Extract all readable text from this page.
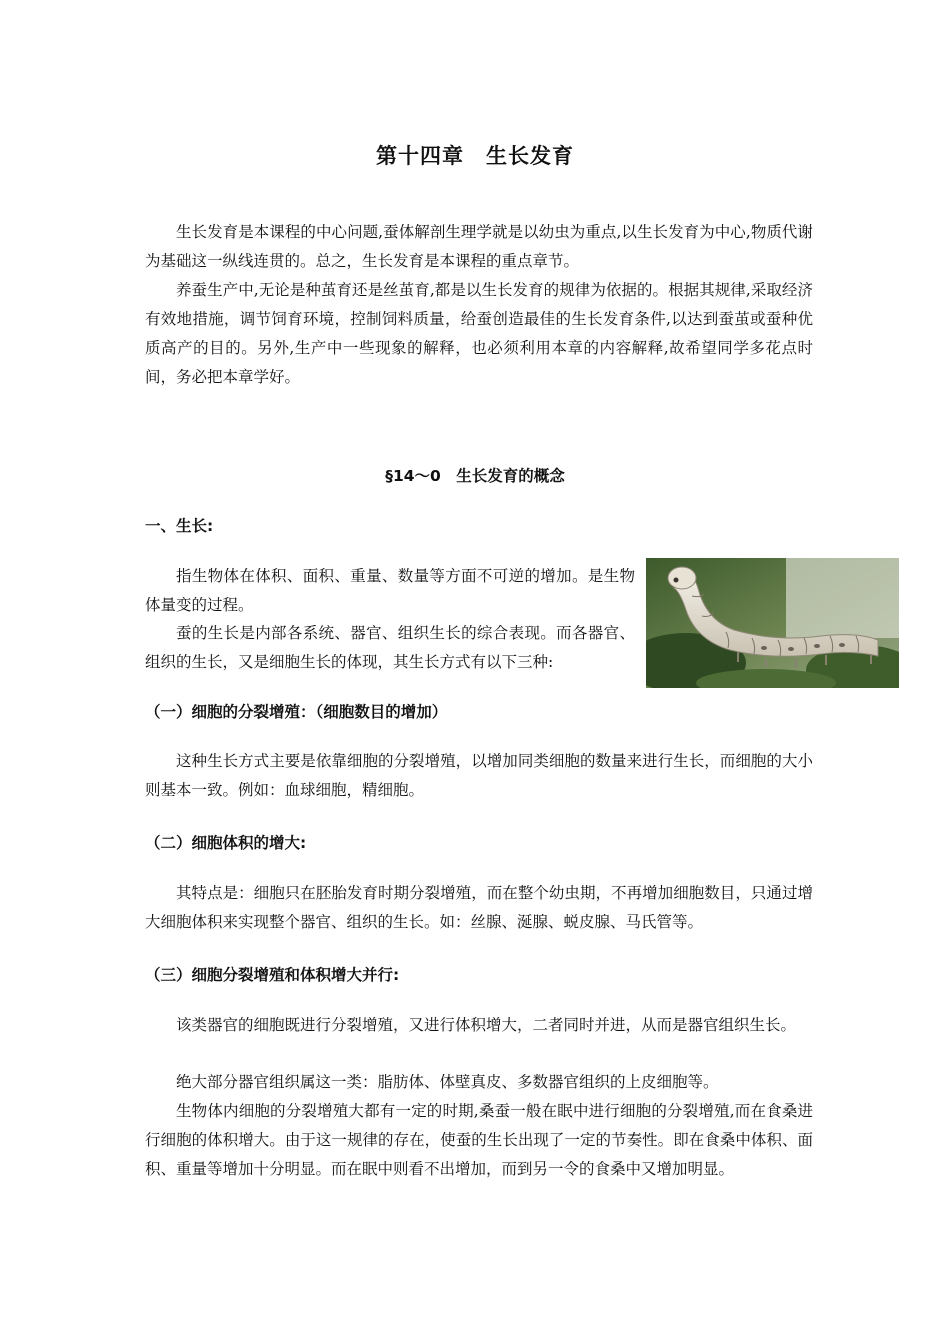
第十四章　生长发育

生长发育是本课程的中心问题,蚕体解剖生理学就是以幼虫为重点,以生长发育为中心,物质代谢为基础这一纵线连贯的。总之，生长发育是本课程的重点章节。

养蚕生产中,无论是种茧育还是丝茧育,都是以生长发育的规律为依据的。根据其规律,采取经济有效地措施，调节饲育环境，控制饲料质量，给蚕创造最佳的生长发育条件,以达到蚕茧或蚕种优质高产的目的。另外,生产中一些现象的解释，也必须利用本章的内容解释,故希望同学多花点时间，务必把本章学好。

§14～0　生长发育的概念
一、生长:

指生物体在体积、面积、重量、数量等方面不可逆的增加。是生物体量变的过程。

蚕的生长是内部各系统、器官、组织生长的综合表现。而各器官、组织的生长，又是细胞生长的体现，其生长方式有以下三种:

（一）细胞的分裂增殖：（细胞数目的增加）

这种生长方式主要是依靠细胞的分裂增殖，以增加同类细胞的数量来进行生长，而细胞的大小则基本一致。例如：血球细胞，精细胞。

（二）细胞体积的增大:

其特点是：细胞只在胚胎发育时期分裂增殖，而在整个幼虫期，不再增加细胞数目，只通过增大细胞体积来实现整个器官、组织的生长。如：丝腺、涎腺、蜕皮腺、马氏管等。

（三）细胞分裂增殖和体积增大并行:

该类器官的细胞既进行分裂增殖，又进行体积增大，二者同时并进，从而是器官组织生长。

绝大部分器官组织属这一类：脂肪体、体壁真皮、多数器官组织的上皮细胞等。

生物体内细胞的分裂增殖大都有一定的时期,桑蚕一般在眠中进行细胞的分裂增殖,而在食桑进行细胞的体积增大。由于这一规律的存在，使蚕的生长出现了一定的节奏性。即在食桑中体积、面积、重量等增加十分明显。而在眠中则看不出增加，而到另一令的食桑中又增加明显。
